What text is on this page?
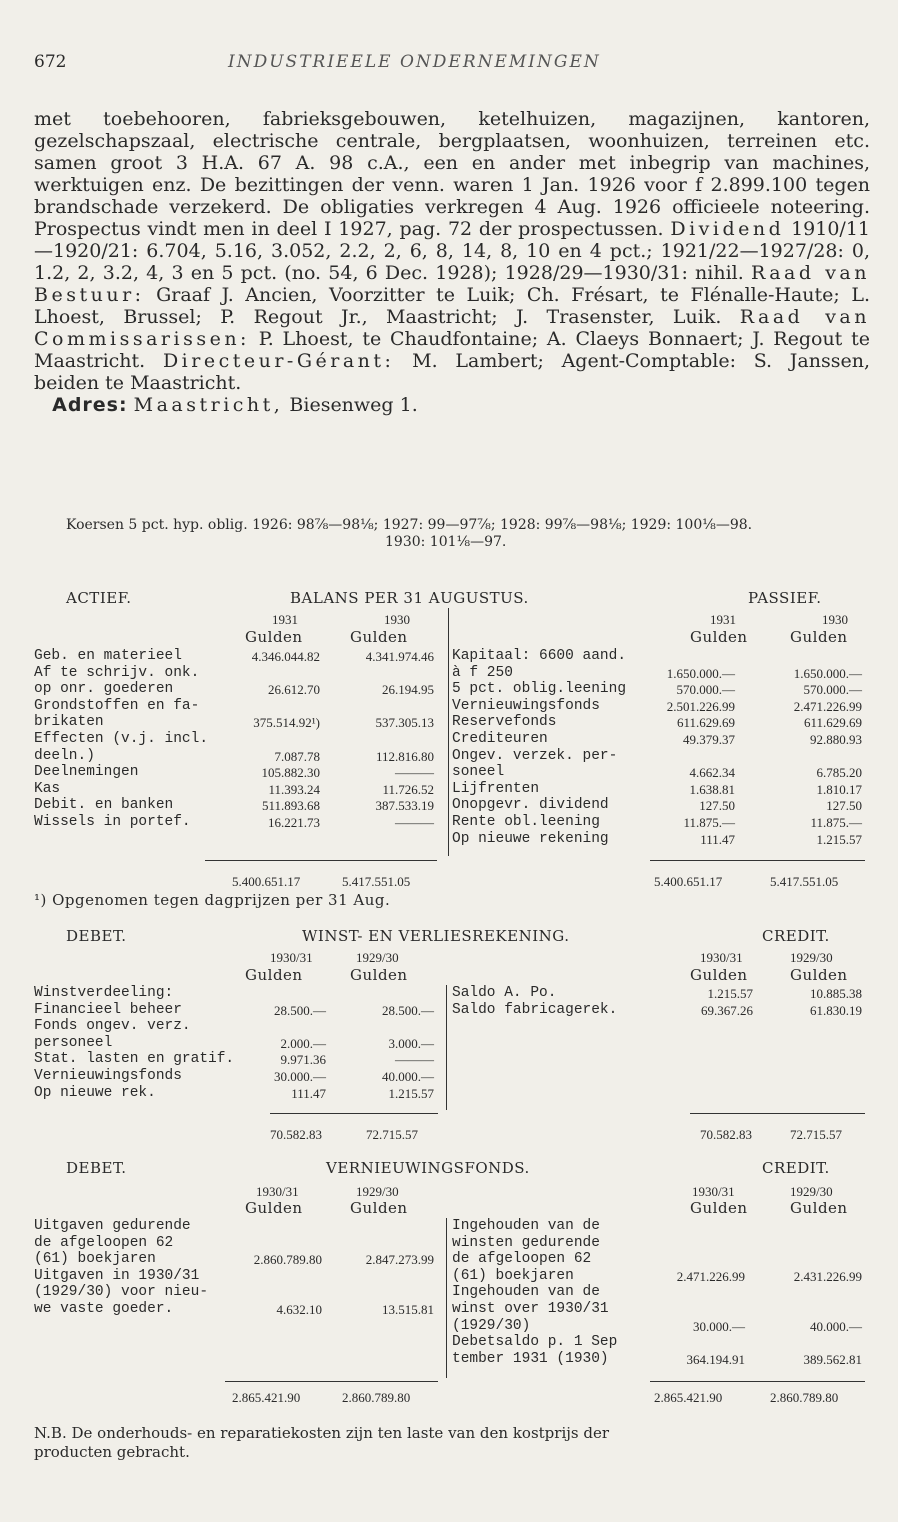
672	INDUSTRIEELE ONDERNEMINGEN
met toebehooren, fabrieksgebouwen, ketelhuizen, magazijnen, kantoren, gezelschapszaal, electrische centrale, bergplaatsen, woonhuizen, terreinen etc. samen groot 3 H.A. 67 A. 98 c.A., een en ander met inbegrip van machines, werktuigen enz. De bezittingen der venn. waren 1 Jan. 1926 voor f 2.899.100 tegen brandschade verzekerd. De obligaties verkregen 4 Aug. 1926 officieele noteering. Prospectus vindt men in deel I 1927, pag. 72 der prospectussen. Dividend 1910/11—1920/21: 6.704, 5.16, 3.052, 2.2, 2, 6, 8, 14, 8, 10 en 4 pct.; 1921/22—1927/28: 0, 1.2, 2, 3.2, 4, 3 en 5 pct. (no. 54, 6 Dec. 1928); 1928/29—1930/31: nihil. Raad van Bestuur: Graaf J. Ancien, Voorzitter te Luik; Ch. Frésart, te Flénalle-Haute; L. Lhoest, Brussel; P. Regout Jr., Maastricht; J. Trasenster, Luik. Raad van Commissarissen: P. Lhoest, te Chaudfontaine; A. Claeys Bonnaert; J. Regout te Maastricht. Directeur-Gérant: M. Lambert; Agent-Comptable: S. Janssen, beiden te Maastricht.
Adres: Maastricht, Biesenweg 1.
Koersen 5 pct. hyp. oblig. 1926: 98⅞—98⅛; 1927: 99—97⅞; 1928: 99⅞—98⅛; 1929: 100⅛—98.
1930: 101⅛—97.
ACTIEF.	BALANS PER 31 AUGUSTUS.	PASSIEF.
1931	1930	1931	1930
Gulden	Gulden	Gulden	Gulden
Geb. en materieel	4.346.044.82	4.341.974.46
Af te schrijv. onk.
op onr. goederen	26.612.70	26.194.95
Grondstoffen en fa-
brikaten	375.514.92¹)	537.305.13
Effecten (v.j. incl.
deeln.)	7.087.78	112.816.80
Deelnemingen	105.882.30	———
Kas	11.393.24	11.726.52
Debit. en banken	511.893.68	387.533.19
Wissels in portef.	16.221.73	———
Kapitaal: 6600 aand.
à f 250	1.650.000.—	1.650.000.—
5 pct. oblig.leening	570.000.—	570.000.—
Vernieuwingsfonds	2.501.226.99	2.471.226.99
Reservefonds	611.629.69	611.629.69
Crediteuren	49.379.37	92.880.93
Ongev. verzek. per-
soneel	4.662.34	6.785.20
Lijfrenten	1.638.81	1.810.17
Onopgevr. dividend	127.50	127.50
Rente obl.leening	11.875.—	11.875.—
Op nieuwe rekening	111.47	1.215.57
5.400.651.17	5.417.551.05	5.400.651.17	5.417.551.05
¹) Opgenomen tegen dagprijzen per 31 Aug.
DEBET.	WINST- EN VERLIESREKENING.	CREDIT.
1930/31	1929/30	1930/31	1929/30
Gulden	Gulden	Gulden	Gulden
Winstverdeeling:
Financieel beheer	28.500.—	28.500.—
Fonds ongev. verz.
personeel	2.000.—	3.000.—
Stat. lasten en gratif.	9.971.36	———
Vernieuwingsfonds	30.000.—	40.000.—
Op nieuwe rek.	111.47	1.215.57
Saldo A. Po.	1.215.57	10.885.38
Saldo fabricagerek.	69.367.26	61.830.19
70.582.83	72.715.57	70.582.83	72.715.57
DEBET.	VERNIEUWINGSFONDS.	CREDIT.
1930/31	1929/30	1930/31	1929/30
Gulden	Gulden	Gulden	Gulden
Uitgaven gedurende
de afgeloopen 62
(61) boekjaren	2.860.789.80	2.847.273.99
Uitgaven in 1930/31
(1929/30) voor nieu-
we vaste goeder.	4.632.10	13.515.81
Ingehouden van de
winsten gedurende
de afgeloopen 62
(61) boekjaren	2.471.226.99	2.431.226.99
Ingehouden van de
winst over 1930/31
(1929/30)	30.000.—	40.000.—
Debetsaldo p. 1 Sep
tember 1931 (1930)	364.194.91	389.562.81
2.865.421.90	2.860.789.80	2.865.421.90	2.860.789.80
N.B. De onderhouds- en reparatiekosten zijn ten laste van den kostprijs der
producten gebracht.
